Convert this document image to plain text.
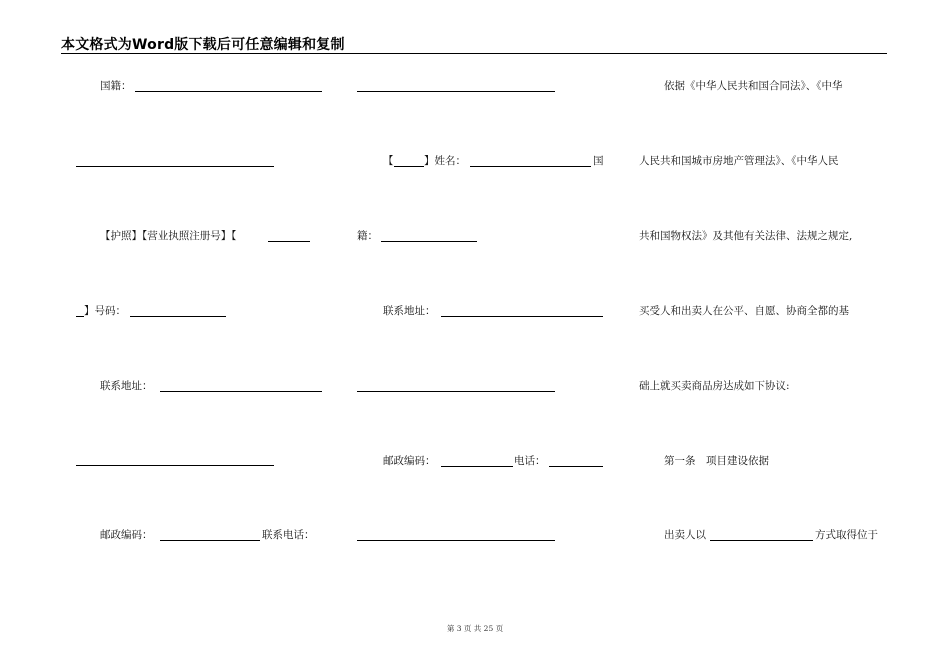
本文格式为Word版下载后可任意编辑和复制
国籍：
【护照】【营业执照注册号】【
】号码：
联系地址：
邮政编码：	联系电话：
【	】姓名：	国
籍：
联系地址：
邮政编码：	电话：
依据《中华人民共和国合同法》、《中华
人民共和国城市房地产管理法》、《中华人民
共和国物权法》及其他有关法律、法规之规定,
买受人和出卖人在公平、自愿、协商全都的基
础上就买卖商品房达成如下协议:
第一条　项目建设依据
出卖人以	方式取得位于
第 3 页 共 25 页
